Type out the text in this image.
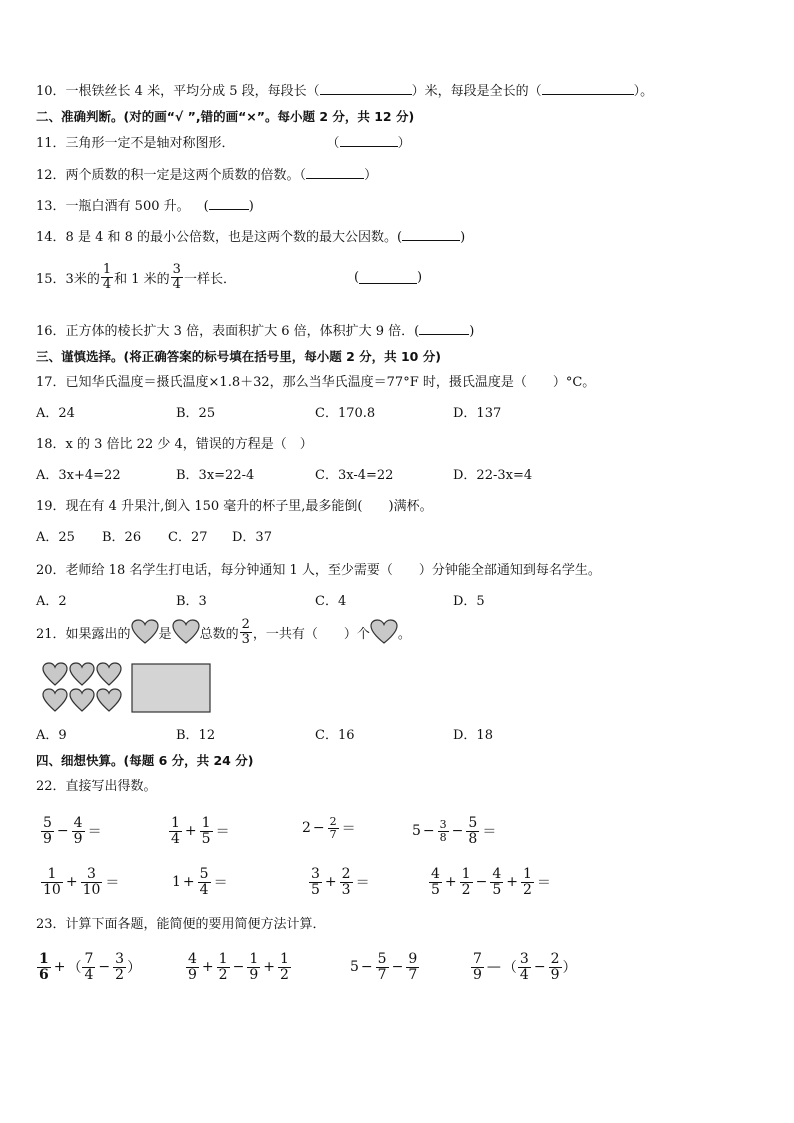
10．一根铁丝长 4 米，平均分成 5 段，每段长（	）米，每段是全长的（	）。
二、准确判断。(对的画“√ ”,错的画“×”。每小题 2 分，共 12 分)
11．三角形一定不是轴对称图形．	（	）
12．两个质数的积一定是这两个质数的倍数。（	）
13．一瓶白酒有 500 升。 (	)
14．8 是 4 和 8 的最小公倍数，也是这两个数的最大公因数。(	)
15．3米的 $\frac{1}{4}$ 和 1 米的 $\frac{3}{4}$ 一样长．	(	)
16．正方体的棱长扩大 3 倍，表面积扩大 6 倍，体积扩大 9 倍．(	)
三、谨慎选择。(将正确答案的标号填在括号里，每小题 2 分，共 10 分)
17．已知华氏温度＝摄氏温度×1.8＋32，那么当华氏温度＝77°F 时，摄氏温度是（　　）°C。
A．24	B．25	C．170.8	D．137
18．x 的 3 倍比 22 少 4，错误的方程是（　）
A．3x+4=22	B．3x=22-4	C．3x-4=22	D．22-3x=4
19．现在有 4 升果汁,倒入 150 毫升的杯子里,最多能倒(　　)满杯。
A．25 B．26 C．27 D．37
20．老师给 18 名学生打电话，每分钟通知 1 人，至少需要（　　）分钟能全部通知到每名学生。
A．2	B．3	C．4	D．5
21．如果露出的 是 总数的 $\frac{2}{3}$ ，一共有（　　）个 。
A．9	B．12	C．16	D．18
四、细想快算。(每题 6 分，共 24 分)
22．直接写出得数。
$\frac{5}{9} - \frac{4}{9}$ ＝	$\frac{1}{4} + \frac{1}{5}$ ＝	$2 - \frac{2}{7}$ ＝	$5 - \frac{3}{8} - \frac{5}{8}$ ＝
$\frac{1}{10} + \frac{3}{10}$ ＝	$1 + \frac{5}{4}$ ＝	$\frac{3}{5} + \frac{2}{3}$ ＝	$\frac{4}{5} + \frac{1}{2} - \frac{4}{5} + \frac{1}{2}$ ＝
23．计算下面各题，能简便的要用简便方法计算．
$\frac{1}{6}$ + （ $\frac{7}{4} - \frac{3}{2}$ ）	$\frac{4}{9} + \frac{1}{2} - \frac{1}{9} + \frac{1}{2}$	$5 - \frac{5}{7} - \frac{9}{7}$	$\frac{7}{9}$ — （ $\frac{3}{4} - \frac{2}{9}$ ）
